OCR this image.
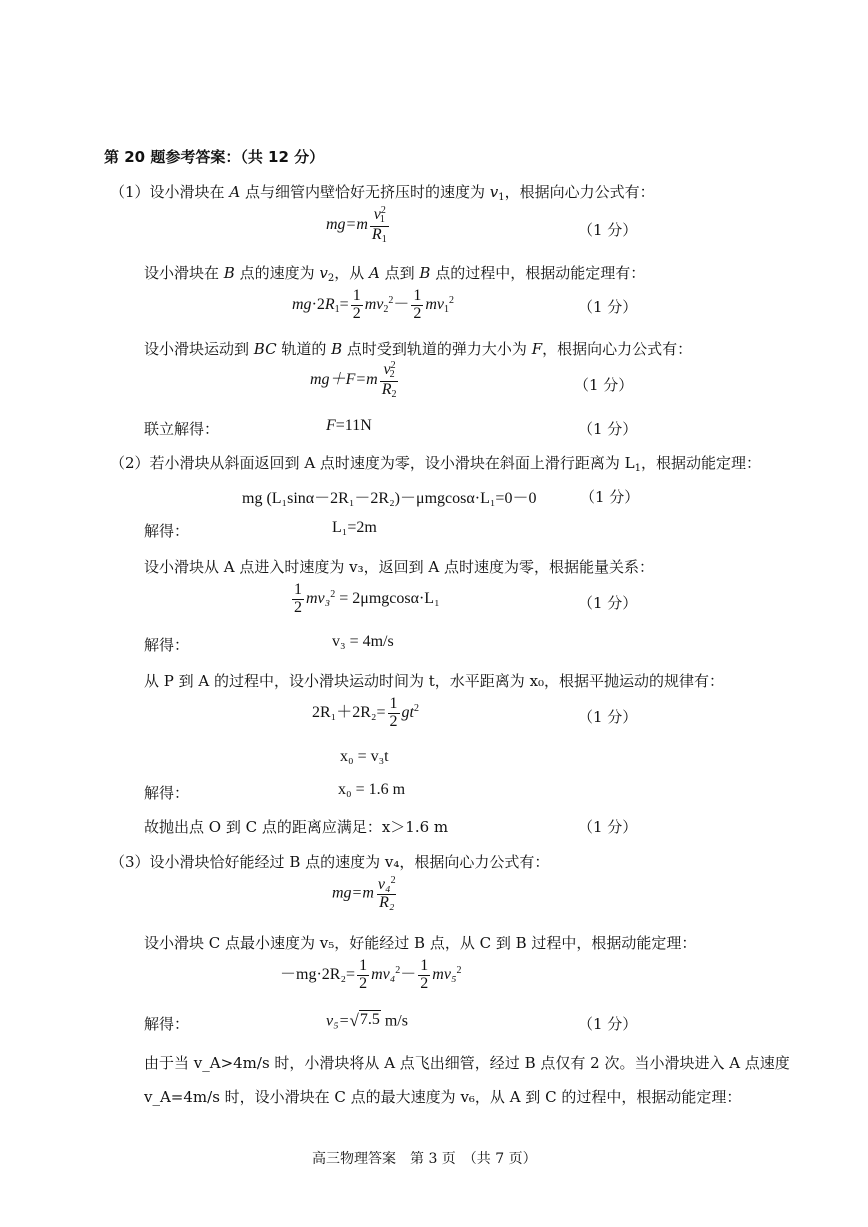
第 20 题参考答案：（共 12 分）
（1）设小滑块在 A 点与细管内壁恰好无挤压时的速度为 $v_1$，根据向心力公式有：
$mg=m \frac{v^2_1}{R_1}$	（1 分）
设小滑块在 B 点的速度为 $v_2$，从 A 点到 B 点的过程中，根据动能定理有：
$mg\cdot 2R_1= \frac{1}{2} mv_2^2- \frac{1}{2} mv_1^2$	（1 分）
设小滑块运动到 BC 轨道的 B 点时受到轨道的弹力大小为 F，根据向心力公式有：
$mg+F=m \frac{v^2_2}{R_2}$	（1 分）
联立解得：	F=11N	（1 分）
（2）若小滑块从斜面返回到 A 点时速度为零，设小滑块在斜面上滑行距离为 $L_1$，根据动能定理：
mg (L₁sinα－2R₁－2R₂)－μmgcosα·L₁=0－0	（1 分）
解得：	L₁=2m
设小滑块从 A 点进入时速度为 v₃，返回到 A 点时速度为零，根据能量关系：
$\frac{1}{2} mv_3^2 = 2\mu mgcos\alpha\cdot L_1$	（1 分）
解得：	v₃ = 4m/s
从 P 到 A 的过程中，设小滑块运动时间为 t，水平距离为 x₀，根据平抛运动的规律有：
$2R_1+2R_2= \frac{1}{2} gt^2$	（1 分）
x₀ = v₃t
解得：	x₀ = 1.6 m
故抛出点 O 到 C 点的距离应满足：x＞1.6 m	（1 分）
（3）设小滑块恰好能经过 B 点的速度为 v₄，根据向心力公式有：
$mg=m \frac{v_4^2}{\text{R₂}}$
设小滑块 C 点最小速度为 v₅，好能经过 B 点，从 C 到 B 过程中，根据动能定理：
$-mg\cdot 2R_2= \frac{1}{2} mv_4^2- \frac{1}{2} mv_5^2$
解得：	v₅= √ 7.5 m/s	（1 分）
由于当 v_A>4m/s 时，小滑块将从 A 点飞出细管，经过 B 点仅有 2 次。当小滑块进入 A 点速度
v_A=4m/s 时，设小滑块在 C 点的最大速度为 v₆，从 A 到 C 的过程中，根据动能定理：
高三物理答案　第 3 页　（共 7 页）
